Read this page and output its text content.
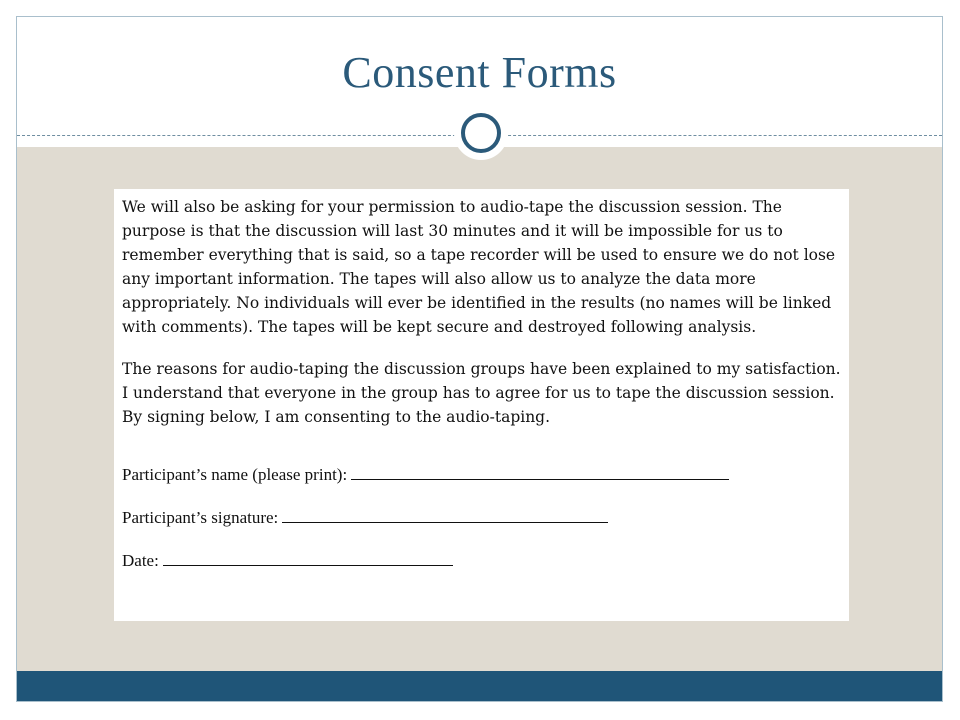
Consent Forms

We will also be asking for your permission to audio-tape the discussion session. The purpose is that the discussion will last 30 minutes and it will be impossible for us to remember everything that is said, so a tape recorder will be used to ensure we do not lose any important information. The tapes will also allow us to analyze the data more appropriately. No individuals will ever be identified in the results (no names will be linked with comments). The tapes will be kept secure and destroyed following analysis.

The reasons for audio-taping the discussion groups have been explained to my satisfaction. I understand that everyone in the group has to agree for us to tape the discussion session. By signing below, I am consenting to the audio-taping.

Participant’s name (please print):
Participant’s signature:
Date:
